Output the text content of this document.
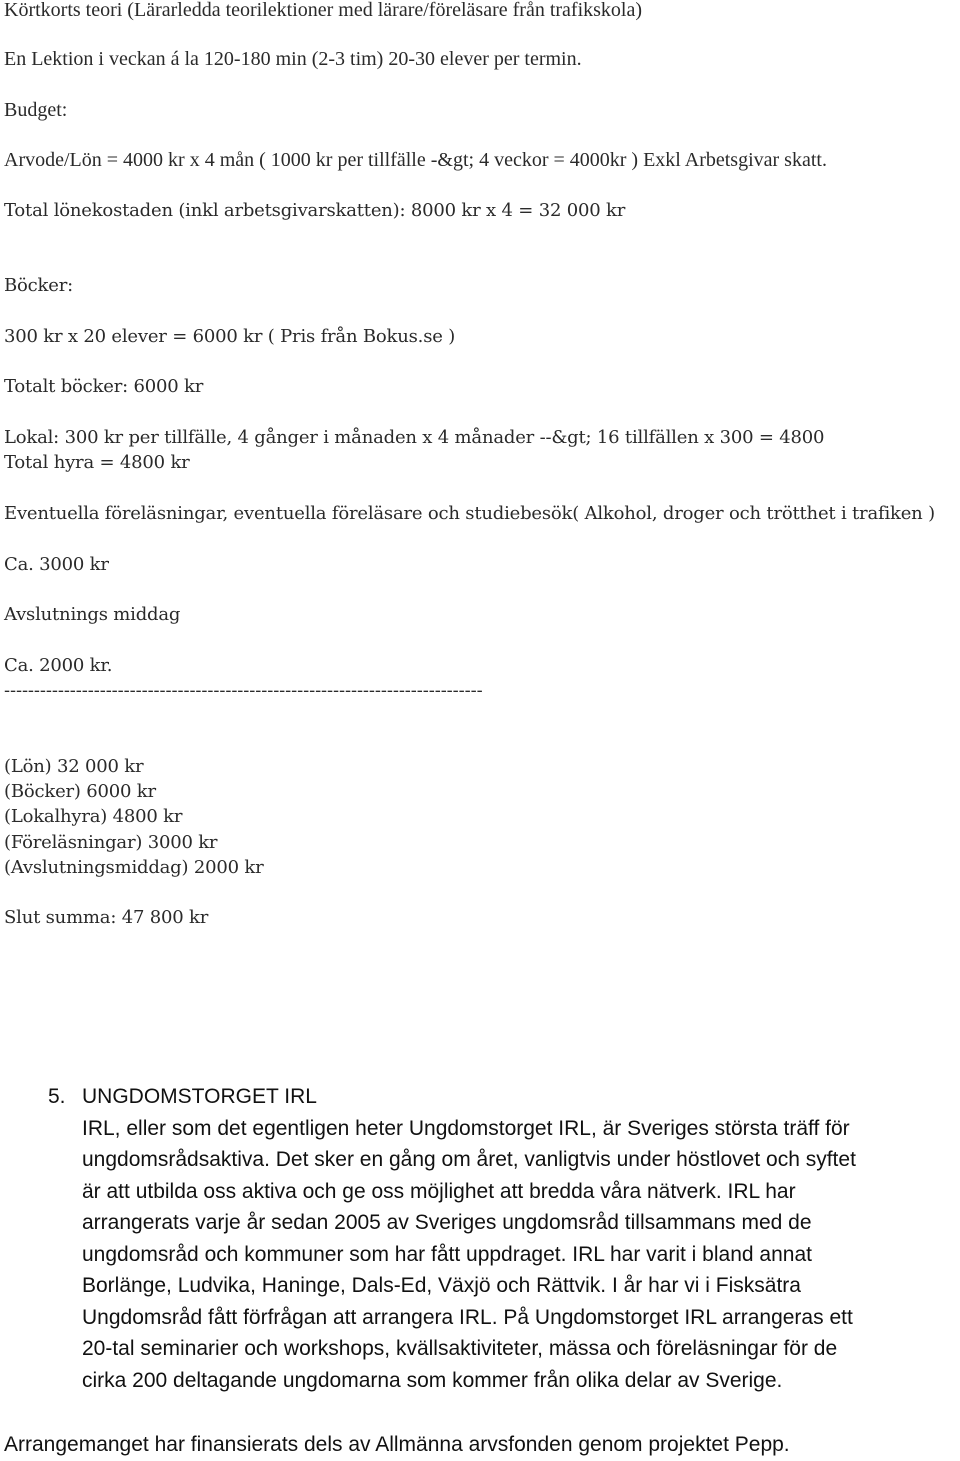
Körtkorts teori (Lärarledda teorilektioner med lärare/föreläsare från trafikskola)
En Lektion i veckan á la 120-180 min (2-3 tim) 20-30 elever per termin.
Budget:
Arvode/Lön = 4000 kr x 4 mån ( 1000 kr per tillfälle -&gt; 4 veckor = 4000kr ) Exkl Arbetsgivar skatt.
Total lönekostaden (inkl arbetsgivarskatten): 8000 kr x 4 = 32 000 kr
Böcker:
300 kr x 20 elever = 6000 kr ( Pris från Bokus.se )
Totalt böcker: 6000 kr
Lokal: 300 kr per tillfälle, 4 gånger i månaden x 4 månader --&gt; 16 tillfällen x 300 = 4800
Total hyra = 4800 kr
Eventuella föreläsningar, eventuella föreläsare och studiebesök( Alkohol, droger och trötthet i trafiken )
Ca. 3000 kr
Avslutnings middag
Ca. 2000 kr.
--------------------------------------------------------------------------------
(Lön) 32 000 kr
(Böcker) 6000 kr
(Lokalhyra) 4800 kr
(Föreläsningar) 3000 kr
(Avslutningsmiddag) 2000 kr
Slut summa: 47 800 kr
5. UNGDOMSTORGET IRL
IRL, eller som det egentligen heter Ungdomstorget IRL, är Sveriges största träff för
ungdomsrådsaktiva. Det sker en gång om året, vanligtvis under höstlovet och syftet
är att utbilda oss aktiva och ge oss möjlighet att bredda våra nätverk. IRL har
arrangerats varje år sedan 2005 av Sveriges ungdomsråd tillsammans med de
ungdomsråd och kommuner som har fått uppdraget. IRL har varit i bland annat
Borlänge, Ludvika, Haninge, Dals-Ed, Växjö och Rättvik. I år har vi i Fisksätra
Ungdomsråd fått förfrågan att arrangera IRL. På Ungdomstorget IRL arrangeras ett
20-tal seminarier och workshops, kvällsaktiviteter, mässa och föreläsningar för de
cirka 200 deltagande ungdomarna som kommer från olika delar av Sverige.
Arrangemanget har finansierats dels av Allmänna arvsfonden genom projektet Pepp.
